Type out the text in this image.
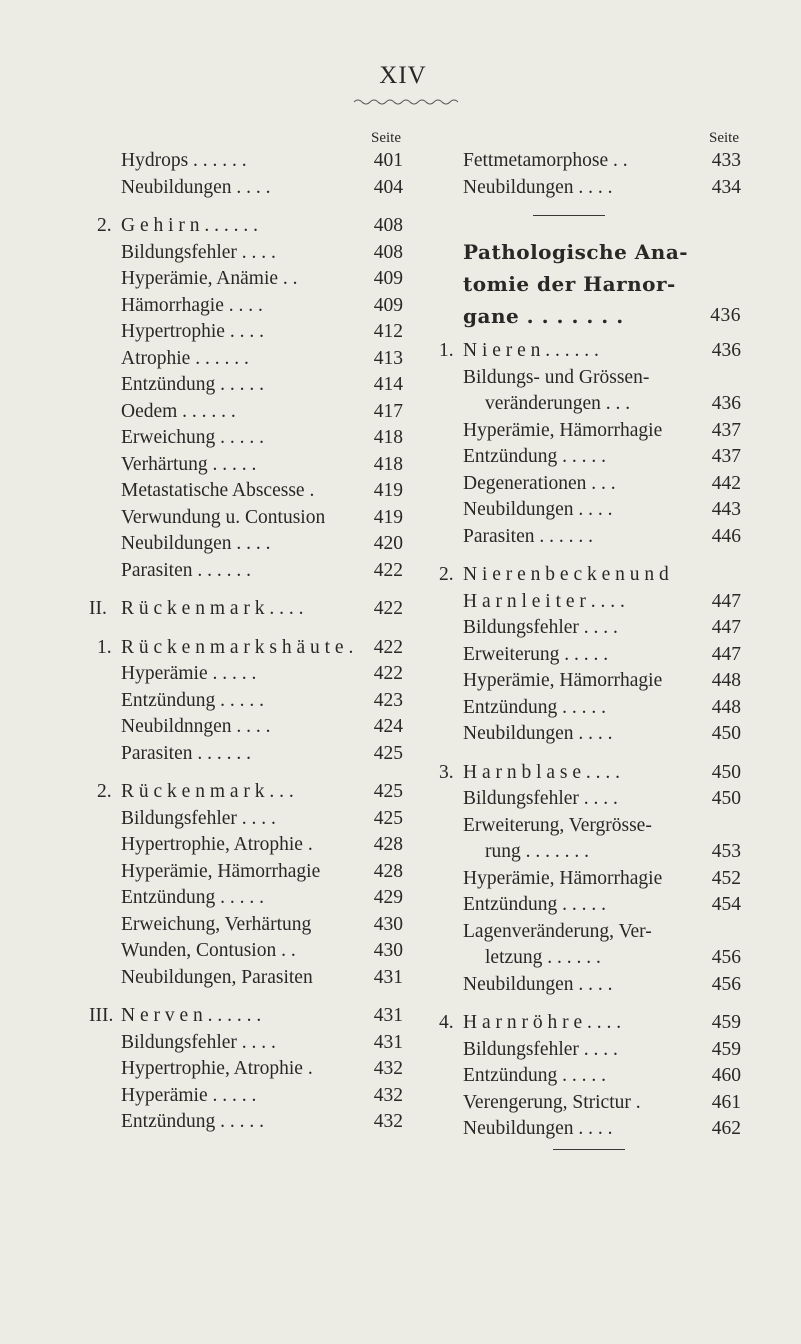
XIV
Seite
Hydrops . . . . . .	401
Neubildungen . . . .	404
2. G e h i r n . . . . . .	408
Bildungsfehler . . . .	408
Hyperämie, Anämie . .	409
Hämorrhagie . . . .	409
Hypertrophie . . . .	412
Atrophie . . . . . .	413
Entzündung . . . . .	414
Oedem . . . . . .	417
Erweichung . . . . .	418
Verhärtung . . . . .	418
Metastatische Abscesse .	419
Verwundung u. Contusion 419
Neubildungen . . . .	420
Parasiten . . . . . .	422
II. R ü c k e n m a r k . . . .	422
1. R ü c k e n m a r k s h ä u t e . 422
Hyperämie . . . . .	422
Entzündung . . . . .	423
Neubildnngen . . . .	424
Parasiten . . . . . .	425
2. R ü c k e n m a r k . . .	425
Bildungsfehler . . . .	425
Hypertrophie, Atrophie .	428
Hyperämie, Hämorrhagie	428
Entzündung . . . . .	429
Erweichung, Verhärtung	430
Wunden, Contusion . .	430
Neubildungen, Parasiten	431
III. N e r v e n . . . . . .	431
Bildungsfehler . . . .	431
Hypertrophie, Atrophie .	432
Hyperämie . . . . .	432
Entzündung . . . . .	432
Seite
Fettmetamorphose . .	433
Neubildungen . . . .	434
Pathologische Ana-
tomie der Harnor-
gane . . . . . . .	436
1. N i e r e n . . . . . .	436
Bildungs- und Grössen-
veränderungen . . .	436
Hyperämie, Hämorrhagie	437
Entzündung . . . . .	437
Degenerationen . . .	442
Neubildungen . . . .	443
Parasiten . . . . . .	446
2. N i e r e n b e c k e n u n d
H a r n l e i t e r . . . .	447
Bildungsfehler . . . .	447
Erweiterung . . . . .	447
Hyperämie, Hämorrhagie	448
Entzündung . . . . .	448
Neubildungen . . . .	450
3. H a r n b l a s e . . . .	450
Bildungsfehler . . . .	450
Erweiterung, Vergrösse-
rung . . . . . . .	453
Hyperämie, Hämorrhagie	452
Entzündung . . . . .	454
Lagenveränderung, Ver-
letzung . . . . . .	456
Neubildungen . . . .	456
4. H a r n r ö h r e . . . .	459
Bildungsfehler . . . .	459
Entzündung . . . . .	460
Verengerung, Strictur .	461
Neubildungen . . . .	462
